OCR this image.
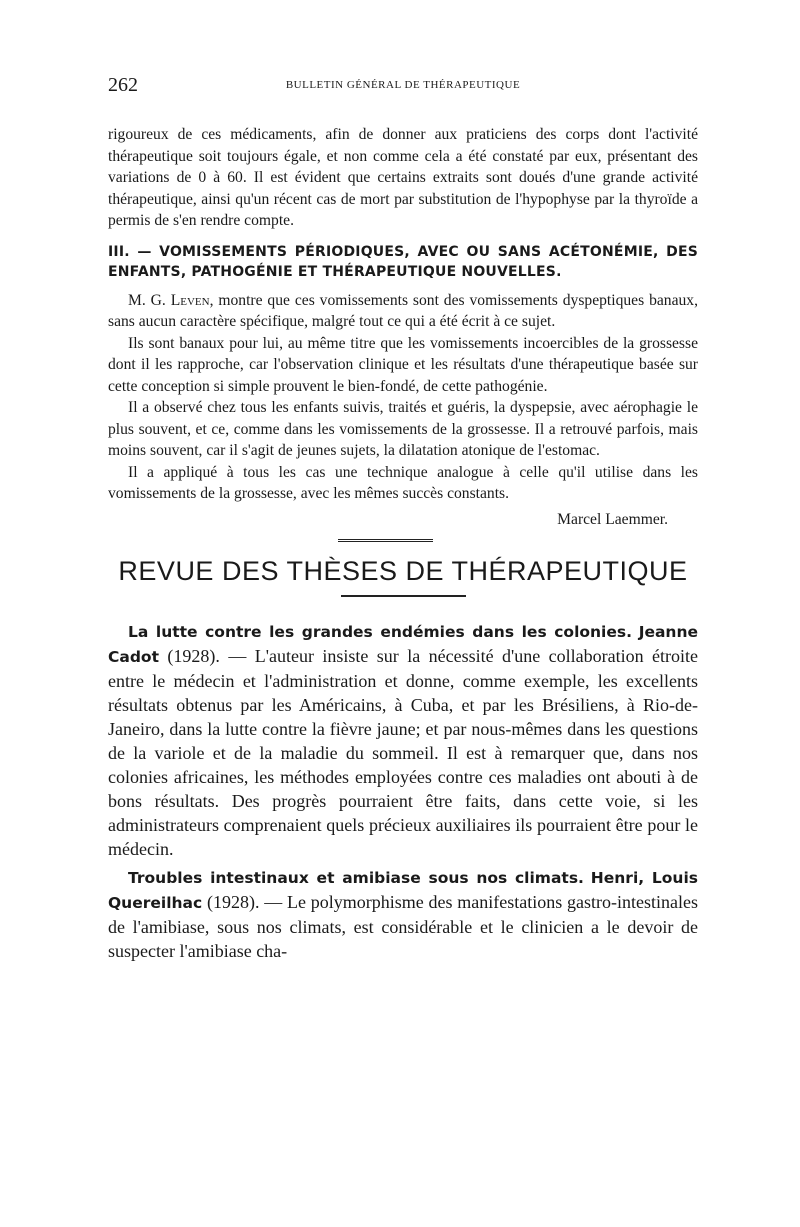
262	BULLETIN GÉNÉRAL DE THÉRAPEUTIQUE

rigoureux de ces médicaments, afin de donner aux praticiens des corps dont l'activité thérapeutique soit toujours égale, et non comme cela a été constaté par eux, présentant des variations de 0 à 60. Il est évident que certains extraits sont doués d'une grande activité thérapeutique, ainsi qu'un récent cas de mort par substitution de l'hypophyse par la thyroïde a permis de s'en rendre compte.

III. — VOMISSEMENTS PÉRIODIQUES, AVEC OU SANS ACÉTONÉMIE, DES ENFANTS, PATHOGÉNIE ET THÉRAPEUTIQUE NOUVELLES.

M. G. Leven, montre que ces vomissements sont des vomissements dyspeptiques banaux, sans aucun caractère spécifique, malgré tout ce qui a été écrit à ce sujet.

Ils sont banaux pour lui, au même titre que les vomissements incoercibles de la grossesse dont il les rapproche, car l'observation clinique et les résultats d'une thérapeutique basée sur cette conception si simple prouvent le bien-fondé, de cette pathogénie.

Il a observé chez tous les enfants suivis, traités et guéris, la dyspepsie, avec aérophagie le plus souvent, et ce, comme dans les vomissements de la grossesse. Il a retrouvé parfois, mais moins souvent, car il s'agit de jeunes sujets, la dilatation atonique de l'estomac.

Il a appliqué à tous les cas une technique analogue à celle qu'il utilise dans les vomissements de la grossesse, avec les mêmes succès constants.

Marcel Laemmer.
REVUE DES THÈSES DE THÉRAPEUTIQUE

La lutte contre les grandes endémies dans les colonies. Jeanne Cadot (1928). — L'auteur insiste sur la nécessité d'une collaboration étroite entre le médecin et l'administration et donne, comme exemple, les excellents résultats obtenus par les Américains, à Cuba, et par les Brésiliens, à Rio-de-Janeiro, dans la lutte contre la fièvre jaune; et par nous-mêmes dans les questions de la variole et de la maladie du sommeil. Il est à remarquer que, dans nos colonies africaines, les méthodes employées contre ces maladies ont abouti à de bons résultats. Des progrès pourraient être faits, dans cette voie, si les administrateurs comprenaient quels précieux auxiliaires ils pourraient être pour le médecin.

Troubles intestinaux et amibiase sous nos climats. Henri, Louis Quereilhac (1928). — Le polymorphisme des manifestations gastro-intestinales de l'amibiase, sous nos climats, est considérable et le clinicien a le devoir de suspecter l'amibiase cha-
